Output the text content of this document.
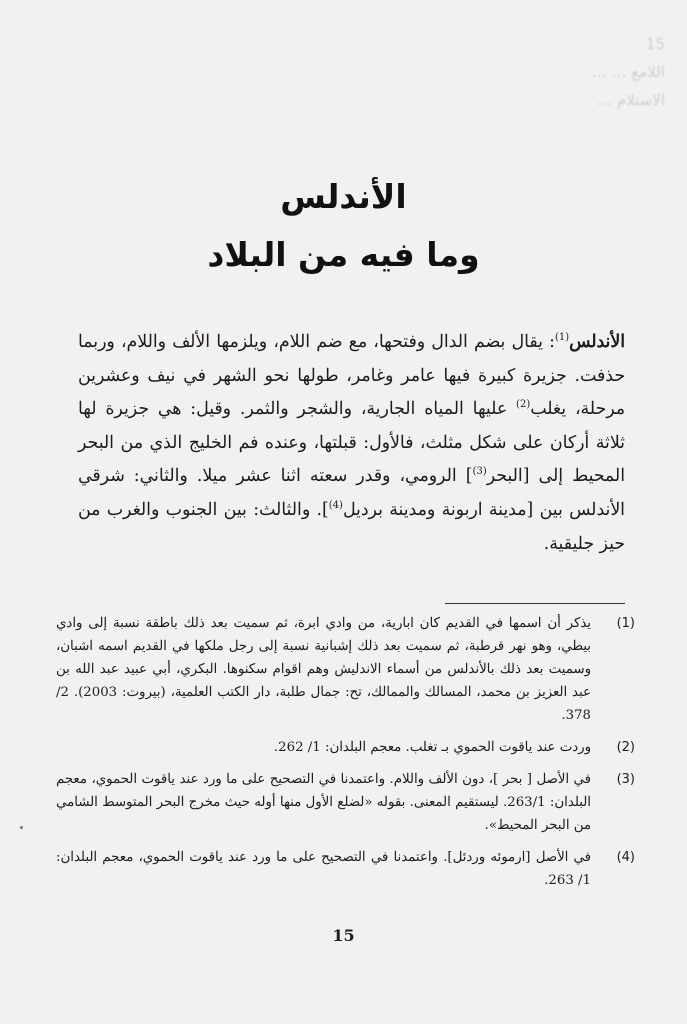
15
… ‫اللامع …
‫الاستلام …
الأندلس
وما فيه من البلاد
الأندلس$^{(1)}$: يقال بضم الدال وفتحها، مع ضم اللام، ويلزمها الألف واللام، وربما حذفت. جزيرة كبيرة فيها عامر وغامر، طولها نحو الشهر في نيف وعشرين مرحلة، يغلب$^{(2)}$ عليها المياه الجارية، والشجر والثمر. وقيل: هي جزيرة لها ثلاثة أركان على شكل مثلث، فالأول: قبلتها، وعنده فم الخليج الذي من البحر المحيط إلى [البحر$^{(3)}$] الرومي، وقدر سعته اثنا عشر ميلا. والثاني: شرقي الأندلس بين [مدينة اربونة ومدينة برديل$^{(4)}$]. والثالث: بين الجنوب والغرب من حيز جليقية.
(1)
يذكر أن اسمها في القديم كان ابارية، من وادي ابرة، ثم سميت بعد ذلك باطقة نسبة إلى وادي بيطي، وهو نهر قرطبة، ثم سميت بعد ذلك إشبانية نسبة إلى رجل ملكها في القديم اسمه اشبان، وسميت بعد ذلك بالأندلس من أسماء الاندليش وهم اقوام سكنوها. البكري، أبي عبيد عبد الله بن عبد العزيز بن محمد، المسالك والممالك، تح: جمال طلبة، دار الكتب العلمية، (بيروت: 2003). 2/ 378.
(2)
وردت عند ياقوت الحموي بـ تغلب. معجم البلدان: 1/ 262.
(3)
في الأصل [ بحر ]، دون الألف واللام. واعتمدنا في التصحيح على ما ورد عند ياقوت الحموي، معجم البلدان: 263/1. ليستقيم المعنى. بقوله «لضلع الأول منها أوله حيث مخرج البحر المتوسط الشامي من البحر المحيط».
(4)
في الأصل [ارموئه وردئل]. واعتمدنا في التصحيح على ما ورد عند ياقوت الحموي، معجم البلدان: 1/ 263.
15
